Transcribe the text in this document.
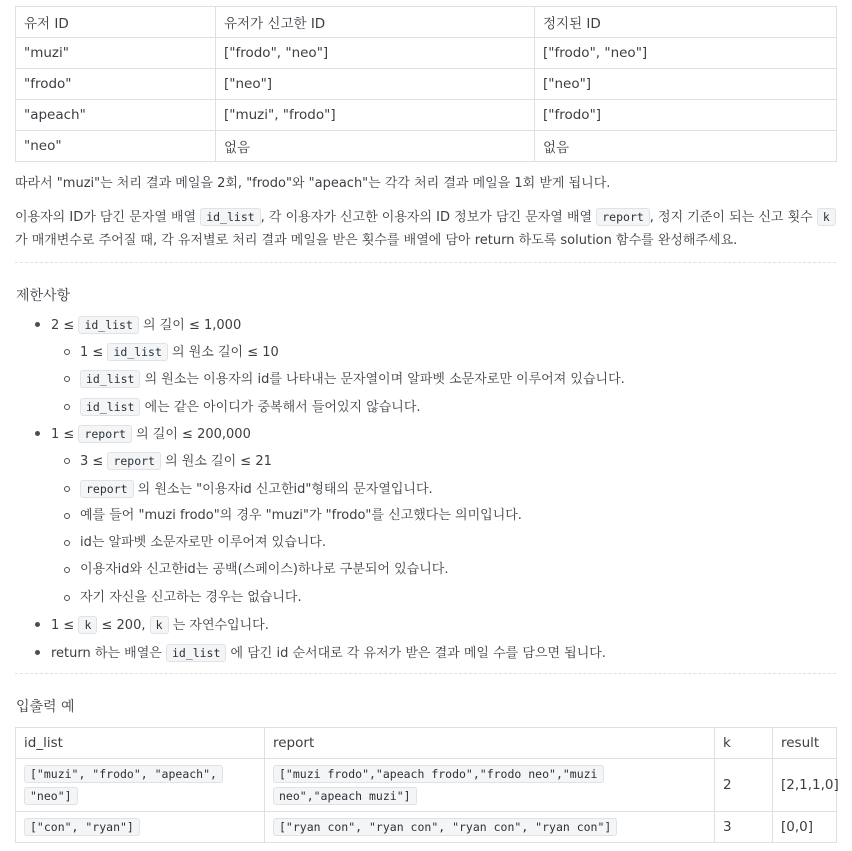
유저 ID	유저가 신고한 ID	정지된 ID
"muzi"	["frodo", "neo"]	["frodo", "neo"]
"frodo"	["neo"]	["neo"]
"apeach"	["muzi", "frodo"]	["frodo"]
"neo"	없음	없음
따라서 "muzi"는 처리 결과 메일을 2회, "frodo"와 "apeach"는 각각 처리 결과 메일을 1회 받게 됩니다.
이용자의 ID가 담긴 문자열 배열 id_list , 각 이용자가 신고한 이용자의 ID 정보가 담긴 문자열 배열 report , 정지 기준이 되는 신고 횟수 k 가 매개변수로 주어질 때, 각 유저별로 처리 결과 메일을 받은 횟수를 배열에 담아 return 하도록 solution 함수를 완성해주세요.
제한사항
2 ≤ id_list 의 길이 ≤ 1,000
1 ≤ id_list 의 원소 길이 ≤ 10
id_list 의 원소는 이용자의 id를 나타내는 문자열이며 알파벳 소문자로만 이루어져 있습니다.
id_list 에는 같은 아이디가 중복해서 들어있지 않습니다.
1 ≤ report 의 길이 ≤ 200,000
3 ≤ report 의 원소 길이 ≤ 21
report 의 원소는 "이용자id 신고한id"형태의 문자열입니다.
예를 들어 "muzi frodo"의 경우 "muzi"가 "frodo"를 신고했다는 의미입니다.
id는 알파벳 소문자로만 이루어져 있습니다.
이용자id와 신고한id는 공백(스페이스)하나로 구분되어 있습니다.
자기 자신을 신고하는 경우는 없습니다.
1 ≤ k ≤ 200, k 는 자연수입니다.
return 하는 배열은 id_list 에 담긴 id 순서대로 각 유저가 받은 결과 메일 수를 담으면 됩니다.
입출력 예
id_list	report	k	result
["muzi", "frodo", "apeach",
"neo"]	["muzi frodo","apeach frodo","frodo neo","muzi
neo","apeach muzi"]	2	[2,1,1,0]
["con", "ryan"]	["ryan con", "ryan con", "ryan con", "ryan con"]	3	[0,0]
